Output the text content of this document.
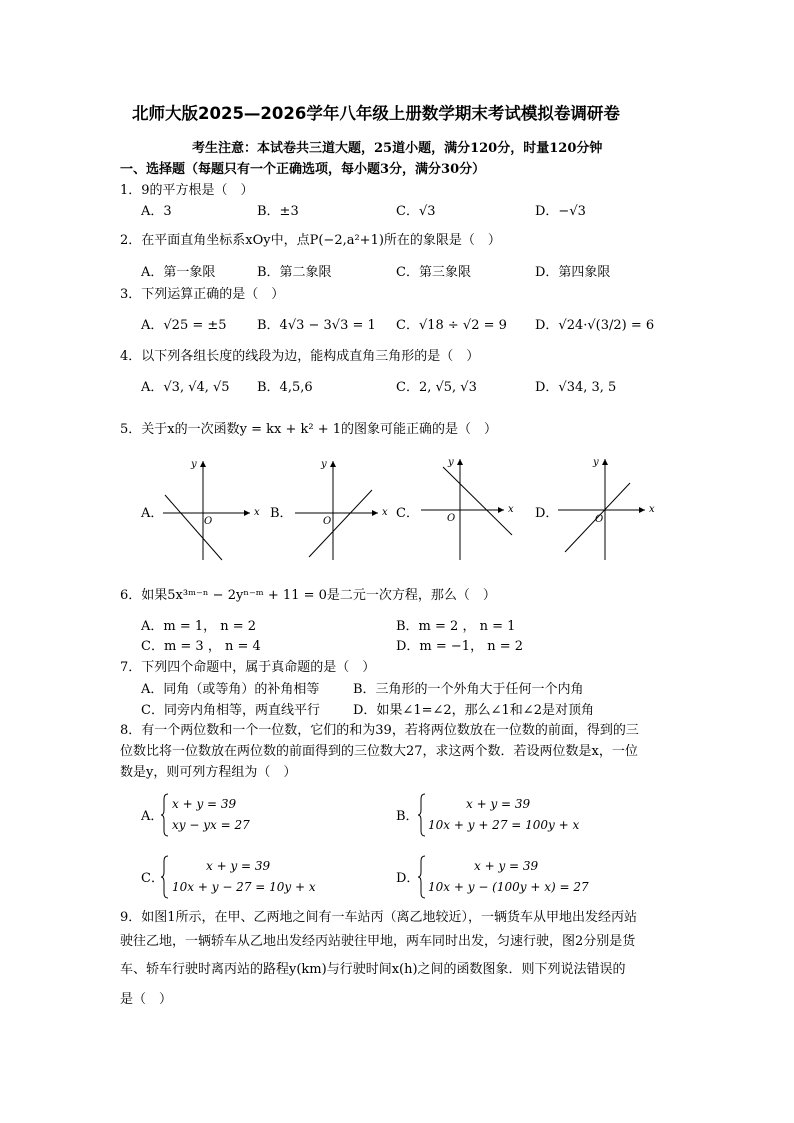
北师大版2025—2026学年八年级上册数学期末考试模拟卷调研卷
考生注意：本试卷共三道大题，25道小题，满分120分，时量120分钟
一、选择题（每题只有一个正确选项，每小题3分，满分30分）
1．9的平方根是（　）
A．3	B．±3	C．√3	D．−√3
2．在平面直角坐标系xOy中，点P(−2,a²+1)所在的象限是（　）
A．第一象限	B．第二象限	C．第三象限	D．第四象限
3．下列运算正确的是（　）
A．√25 = ±5 B．4√3 − 3√3 = 1 C．√18 ÷ √2 = 9 D．√24·√(3/2) = 6
4．以下列各组长度的线段为边，能构成直角三角形的是（　）
A．√3, √4, √5 B．4,5,6	C．2, √5, √3	D．√34, 3, 5
5．关于x的一次函数y = kx + k² + 1的图象可能正确的是（　）
A．	x
y
O
B．	x
y
O
C．	x
y
O	D．	x
y
O
6．如果5x³ᵐ⁻ⁿ − 2yⁿ⁻ᵐ + 11 = 0是二元一次方程，那么（　）
A．m = 1， n = 2	B．m = 2 ， n = 1
C．m = 3 ， n = 4	D．m = −1， n = 2
7．下列四个命题中，属于真命题的是（　）
A．同角（或等角）的补角相等	B．三角形的一个外角大于任何一个内角
C．同旁内角相等，两直线平行	D．如果∠1=∠2，那么∠1和∠2是对顶角
8．有一个两位数和一个一位数，它们的和为39，若将两位数放在一位数的前面，得到的三
位数比将一位数放在两位数的前面得到的三位数大27，求这两个数．若设两位数是x，一位
数是y，则可列方程组为（　）
A．
x + y = 39
xy − yx = 27
B．
x + y = 39
10x + y + 27 = 100y + x
C．
x + y = 39
10x + y − 27 = 10y + x
D．
x + y = 39
10x + y − (100y + x) = 27
9．如图1所示，在甲、乙两地之间有一车站丙（离乙地较近），一辆货车从甲地出发经丙站
驶往乙地，一辆轿车从乙地出发经丙站驶往甲地，两车同时出发，匀速行驶，图2分别是货
车、轿车行驶时离丙站的路程y(km)与行驶时间x(h)之间的函数图象．则下列说法错误的
是（　）
